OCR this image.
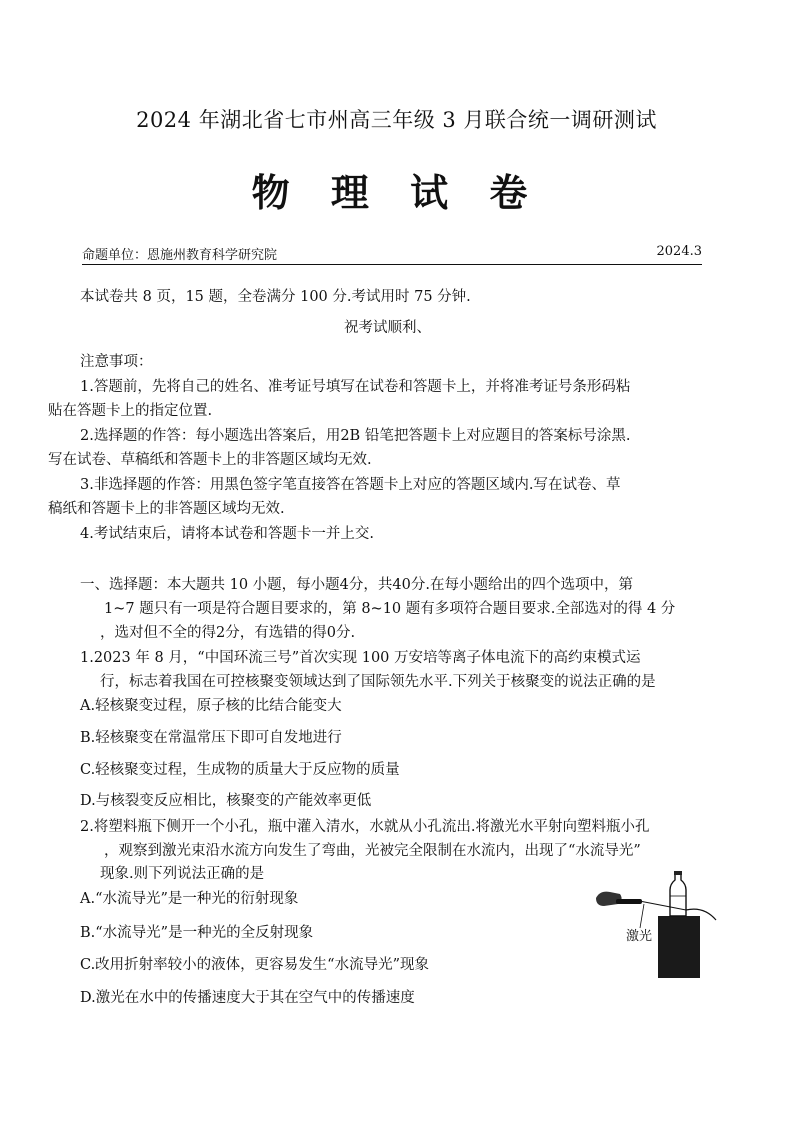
2024 年湖北省七市州高三年级 3 月联合统一调研测试
物 理 试 卷
命题单位：恩施州教育科学研究院	2024.3
本试卷共 8 页，15 题，全卷满分 100 分.考试用时 75 分钟.
祝考试顺利、
注意事项：
1.答题前，先将自己的姓名、准考证号填写在试卷和答题卡上，并将准考证号条形码粘
贴在答题卡上的指定位置.
2.选择题的作答：每小题选出答案后，用2B 铅笔把答题卡上对应题目的答案标号涂黑.
写在试卷、草稿纸和答题卡上的非答题区域均无效.
3.非选择题的作答：用黑色签字笔直接答在答题卡上对应的答题区域内.写在试卷、草
稿纸和答题卡上的非答题区域均无效.
4.考试结束后，请将本试卷和答题卡一并上交.
一、选择题：本大题共 10 小题，每小题4分，共40分.在每小题给出的四个选项中，第
1~7 题只有一项是符合题目要求的，第 8~10 题有多项符合题目要求.全部选对的得 4 分
，选对但不全的得2分，有选错的得0分.
1.2023 年 8 月，“中国环流三号”首次实现 100 万安培等离子体电流下的高约束模式运
行，标志着我国在可控核聚变领域达到了国际领先水平.下列关于核聚变的说法正确的是
A.轻核聚变过程，原子核的比结合能变大
B.轻核聚变在常温常压下即可自发地进行
C.轻核聚变过程，生成物的质量大于反应物的质量
D.与核裂变反应相比，核聚变的产能效率更低
2.将塑料瓶下侧开一个小孔，瓶中灌入清水，水就从小孔流出.将激光水平射向塑料瓶小孔
，观察到激光束沿水流方向发生了弯曲，光被完全限制在水流内，出现了“水流导光”
现象.则下列说法正确的是
A.“水流导光”是一种光的衍射现象
B.“水流导光”是一种光的全反射现象
C.改用折射率较小的液体，更容易发生“水流导光”现象
D.激光在水中的传播速度大于其在空气中的传播速度
激光
